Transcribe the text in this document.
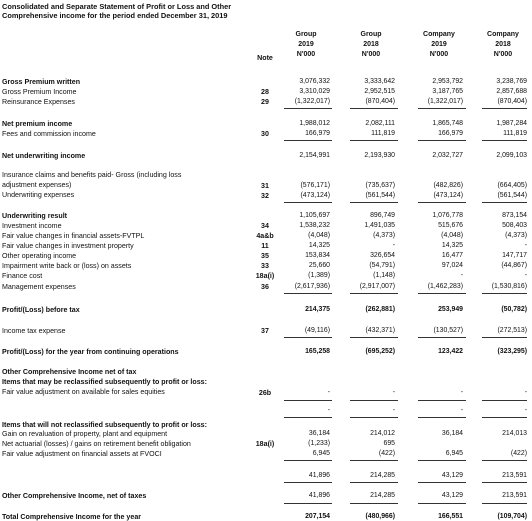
Consolidated and Separate Statement of Profit or Loss and Other
Comprehensive income for the period ended December 31, 2019
Group
2019
N'000
Group
2018
N'000
Company
2019
N'000
Company
2018
N'000
Note
Gross Premium written	3,076,332	3,333,642	2,953,792	3,238,769
Gross Premium Income	28	3,310,029	2,952,515	3,187,765	2,857,688
Reinsurance Expenses	29	(1,322,017)	(870,404)	(1,322,017)	(870,404)
Net premium income	1,988,012	2,082,111	1,865,748	1,987,284
Fees and commission income	30	166,979	111,819	166,979	111,819
Net underwriting income	2,154,991	2,193,930	2,032,727	2,099,103
Insurance claims and benefits paid- Gross (including loss
adjustment expenses)	31	(576,171)	(735,637)	(482,826)	(664,405)
Underwriting expenses	32	(473,124)	(561,544)	(473,124)	(561,544)
Underwriting result	1,105,697	896,749	1,076,778	873,154
Investment income	34	1,538,232	1,491,035	515,676	508,403
Fair value changes in financial assets-FVTPL	4a&b	(4,048)	(4,373)	(4,048)	(4,373)
Fair value changes in investment property	11	14,325	-	14,325	-
Other operating income	35	153,834	326,654	16,477	147,717
Impairment write back or (loss) on assets	33	25,660	(54,791)	97,024	(44,867)
Finance cost	18a(i)	(1,389)	(1,148)	-	-
Management expenses	36	(2,617,936)	(2,917,007)	(1,462,283)	(1,530,816)
Profit/(Loss) before tax	214,375	(262,881)	253,949	(50,782)
Income tax expense	37	(49,116)	(432,371)	(130,527)	(272,513)
Profit/(Loss) for the year from continuing operations	165,258	(695,252)	123,422	(323,295)
Other Comprehensive Income net of tax
Items that may be reclassified subsequently to profit or loss:
Fair value adjustment on available for sales equities	26b	-	-	-	-
-	-	-	-
Items that will not reclassified subsequently to profit or loss:
Gain on revaluation of property, plant and equipment	36,184	214,012	36,184	214,013
Net actuarial (losses) / gains on retirement benefit obligation	18a(i)	(1,233)	695
Fair value adjustment on financial assets at FVOCI	6,945	(422)	6,945	(422)
41,896	214,285	43,129	213,591
Other Comprehensive Income, net of taxes	41,896	214,285	43,129	213,591
Total Comprehensive Income for the year	207,154	(480,966)	166,551	(109,704)
